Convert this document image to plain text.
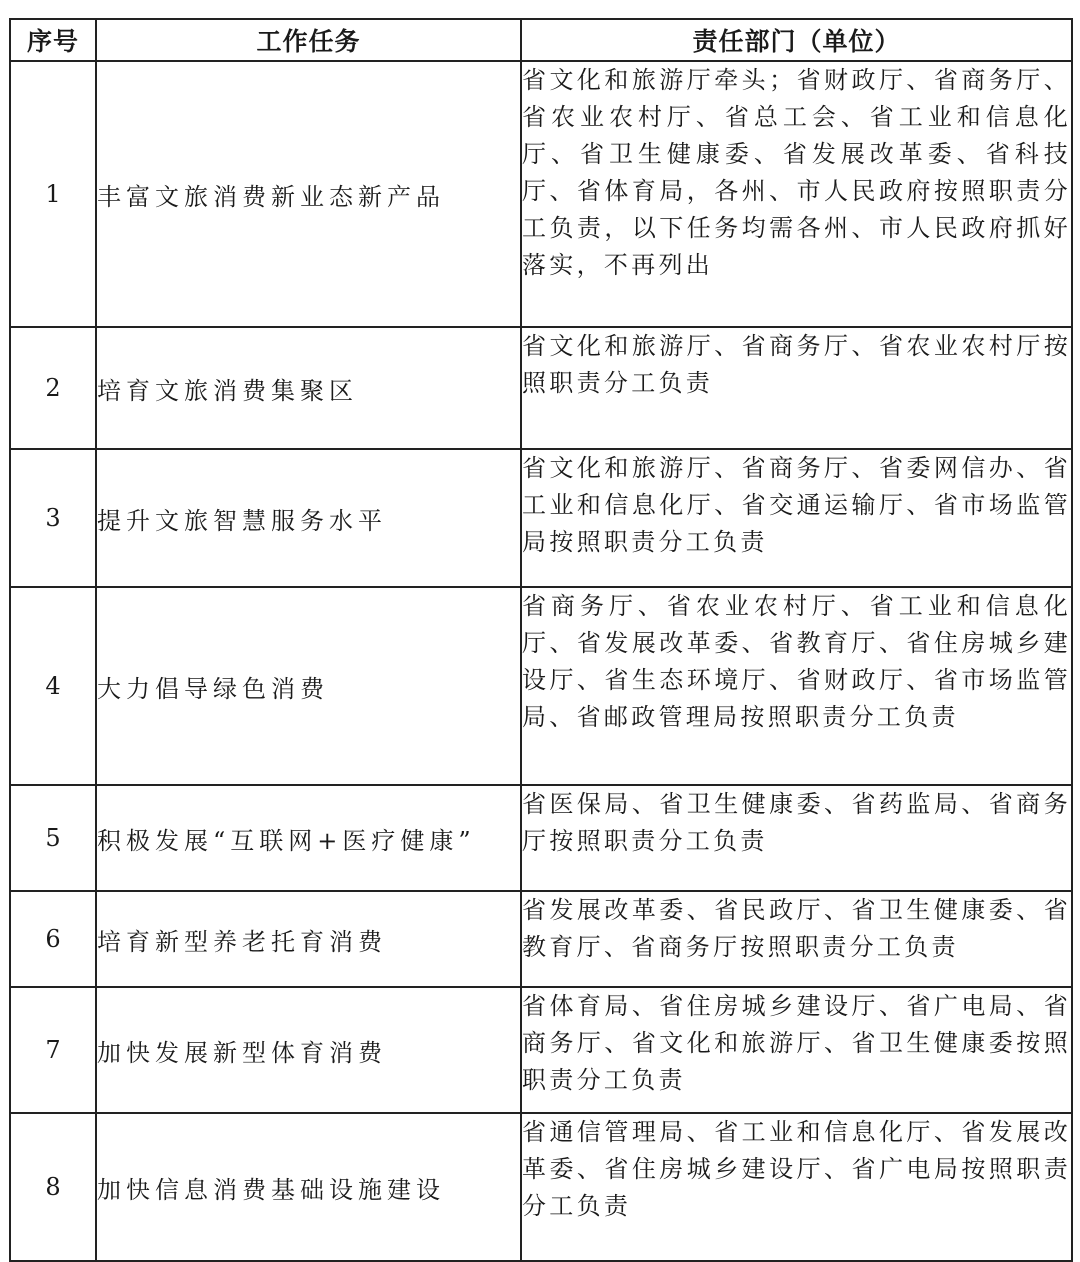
序号	工作任务	责任部门（单位）
1	丰富文旅消费新业态新产品	省文化和旅游厅牵头；省财政厅、省商务厅、省农业农村厅、省总工会、省工业和信息化厅、省卫生健康委、省发展改革委、省科技厅、省体育局，各州、市人民政府按照职责分工负责，以下任务均需各州、市人民政府抓好落实，不再列出
2	培育文旅消费集聚区	省文化和旅游厅、省商务厅、省农业农村厅按照职责分工负责
3	提升文旅智慧服务水平	省文化和旅游厅、省商务厅、省委网信办、省工业和信息化厅、省交通运输厅、省市场监管局按照职责分工负责
4	大力倡导绿色消费	省商务厅、省农业农村厅、省工业和信息化厅、省发展改革委、省教育厅、省住房城乡建设厅、省生态环境厅、省财政厅、省市场监管局、省邮政管理局按照职责分工负责
5	积极发展“互联网+医疗健康”	省医保局、省卫生健康委、省药监局、省商务厅按照职责分工负责
6	培育新型养老托育消费	省发展改革委、省民政厅、省卫生健康委、省教育厅、省商务厅按照职责分工负责
7	加快发展新型体育消费	省体育局、省住房城乡建设厅、省广电局、省商务厅、省文化和旅游厅、省卫生健康委按照职责分工负责
8	加快信息消费基础设施建设	省通信管理局、省工业和信息化厅、省发展改革委、省住房城乡建设厅、省广电局按照职责分工负责
